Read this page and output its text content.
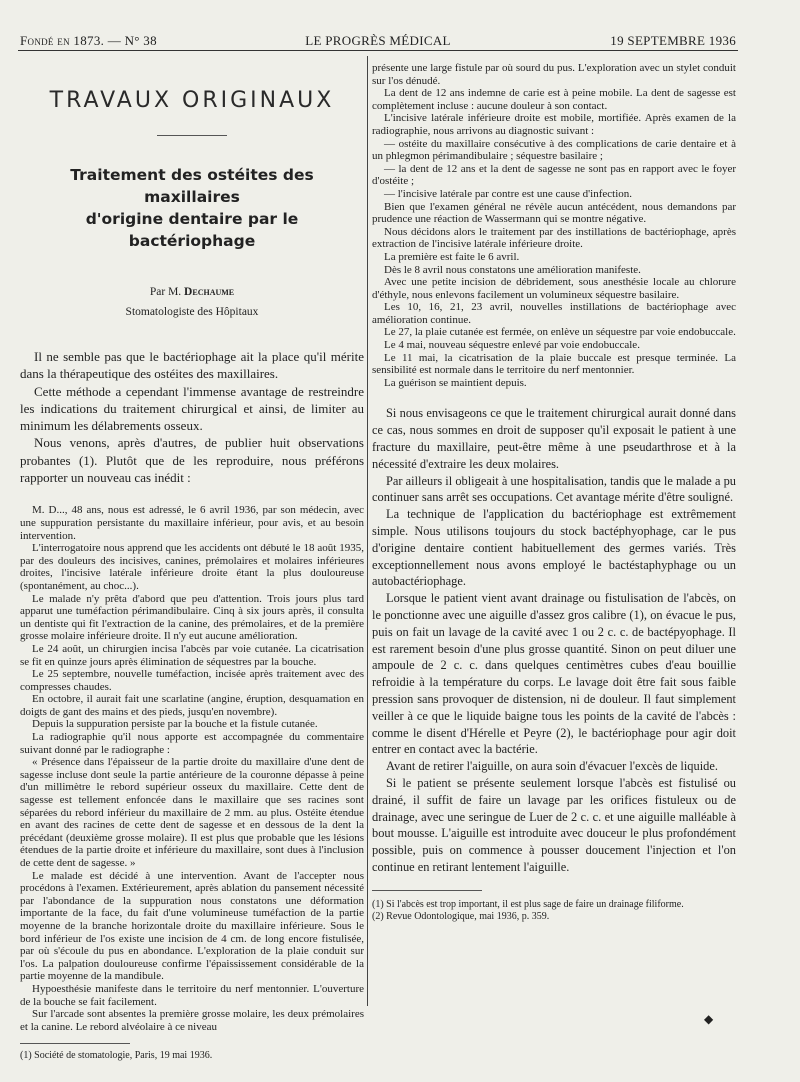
Fondé en 1873. — N° 38	LE PROGRÈS MÉDICAL	19 SEPTEMBRE 1936
TRAVAUX ORIGINAUX
Traitement des ostéites des maxillaires
d'origine dentaire par le bactériophage
Par M. Dechaume
Stomatologiste des Hôpitaux

Il ne semble pas que le bactériophage ait la place qu'il mérite dans la thérapeutique des ostéites des maxillaires.

Cette méthode a cependant l'immense avantage de restreindre les indications du traitement chirurgical et ainsi, de limiter au minimum les délabrements osseux.

Nous venons, après d'autres, de publier huit observations probantes (1). Plutôt que de les reproduire, nous préférons rapporter un nouveau cas inédit :

M. D..., 48 ans, nous est adressé, le 6 avril 1936, par son médecin, avec une suppuration persistante du maxillaire inférieur, pour avis, et au besoin intervention.

L'interrogatoire nous apprend que les accidents ont débuté le 18 août 1935, par des douleurs des incisives, canines, prémolaires et molaires inférieures droites, l'incisive latérale inférieure droite étant la plus douloureuse (spontanément, au choc...).

Le malade n'y prêta d'abord que peu d'attention. Trois jours plus tard apparut une tuméfaction périmandibulaire. Cinq à six jours après, il consulta un dentiste qui fit l'extraction de la canine, des prémolaires, et de la première grosse molaire inférieure droite. Il n'y eut aucune amélioration.

Le 24 août, un chirurgien incisa l'abcès par voie cutanée. La cicatrisation se fit en quinze jours après élimination de séquestres par la bouche.

Le 25 septembre, nouvelle tuméfaction, incisée après traitement avec des compresses chaudes.

En octobre, il aurait fait une scarlatine (angine, éruption, desquamation en doigts de gant des mains et des pieds, jusqu'en novembre).

Depuis la suppuration persiste par la bouche et la fistule cutanée.

La radiographie qu'il nous apporte est accompagnée du commentaire suivant donné par le radiographe :

« Présence dans l'épaisseur de la partie droite du maxillaire d'une dent de sagesse incluse dont seule la partie antérieure de la couronne dépasse à peine d'un millimètre le rebord supérieur osseux du maxillaire. Cette dent de sagesse est tellement enfoncée dans le maxillaire que ses racines sont séparées du rebord inférieur du maxillaire de 2 mm. au plus. Ostéite étendue en avant des racines de cette dent de sagesse et en dessous de la dent la précédant (deuxième grosse molaire). Il est plus que probable que les lésions étendues de la partie droite et inférieure du maxillaire, sont dues à l'inclusion de cette dent de sagesse. »

Le malade est décidé à une intervention. Avant de l'accepter nous procédons à l'examen. Extérieurement, après ablation du pansement nécessité par l'abondance de la suppuration nous constatons une déformation importante de la face, du fait d'une volumineuse tuméfaction de la partie moyenne de la branche horizontale droite du maxillaire inférieure. Sous le bord inférieur de l'os existe une incision de 4 cm. de long encore fistulisée, par où s'écoule du pus en abondance. L'exploration de la plaie conduit sur l'os. La palpation douloureuse confirme l'épaississement considérable de la partie moyenne de la mandibule.

Hypoesthésie manifeste dans le territoire du nerf mentonnier. L'ouverture de la bouche se fait facilement.

Sur l'arcade sont absentes la première grosse molaire, les deux prémolaires et la canine. Le rebord alvéolaire à ce niveau

(1) Société de stomatologie, Paris, 19 mai 1936.

présente une large fistule par où sourd du pus. L'exploration avec un stylet conduit sur l'os dénudé.

La dent de 12 ans indemne de carie est à peine mobile. La dent de sagesse est complètement incluse : aucune douleur à son contact.

L'incisive latérale inférieure droite est mobile, mortifiée. Après examen de la radiographie, nous arrivons au diagnostic suivant :

— ostéite du maxillaire consécutive à des complications de carie dentaire et à un phlegmon périmandibulaire ; séquestre basilaire ;

— la dent de 12 ans et la dent de sagesse ne sont pas en rapport avec le foyer d'ostéite ;

— l'incisive latérale par contre est une cause d'infection.

Bien que l'examen général ne révèle aucun antécédent, nous demandons par prudence une réaction de Wassermann qui se montre négative.

Nous décidons alors le traitement par des instillations de bactériophage, après extraction de l'incisive latérale inférieure droite.

La première est faite le 6 avril.

Dès le 8 avril nous constatons une amélioration manifeste.

Avec une petite incision de débridement, sous anesthésie locale au chlorure d'éthyle, nous enlevons facilement un volumineux séquestre basilaire.

Les 10, 16, 21, 23 avril, nouvelles instillations de bactériophage avec amélioration continue.

Le 27, la plaie cutanée est fermée, on enlève un séquestre par voie endobuccale.

Le 4 mai, nouveau séquestre enlevé par voie endobuccale.

Le 11 mai, la cicatrisation de la plaie buccale est presque terminée. La sensibilité est normale dans le territoire du nerf mentonnier.

La guérison se maintient depuis.

Si nous envisageons ce que le traitement chirurgical aurait donné dans ce cas, nous sommes en droit de supposer qu'il exposait le patient à une fracture du maxillaire, peut-être même à une pseudarthrose et à la nécessité d'extraire les deux molaires.

Par ailleurs il obligeait à une hospitalisation, tandis que le malade a pu continuer sans arrêt ses occupations. Cet avantage mérite d'être souligné.

La technique de l'application du bactériophage est extrêmement simple. Nous utilisons toujours du stock bactéphyophage, car le pus d'origine dentaire contient habituellement des germes variés. Très exceptionnellement nous avons employé le bactéstaphyphage ou un autobactériophage.

Lorsque le patient vient avant drainage ou fistulisation de l'abcès, on le ponctionne avec une aiguille d'assez gros calibre (1), on évacue le pus, puis on fait un lavage de la cavité avec 1 ou 2 c. c. de bactépyophage. Il est rarement besoin d'une plus grosse quantité. Sinon on peut diluer une ampoule de 2 c. c. dans quelques centimètres cubes d'eau bouillie refroidie à la température du corps. Le lavage doit être fait sous faible pression sans provoquer de distension, ni de douleur. Il faut simplement veiller à ce que le liquide baigne tous les points de la cavité de l'abcès : comme le disent d'Hérelle et Peyre (2), le bactériophage pour agir doit entrer en contact avec la bactérie.

Avant de retirer l'aiguille, on aura soin d'évacuer l'excès de liquide.

Si le patient se présente seulement lorsque l'abcès est fistulisé ou drainé, il suffit de faire un lavage par les orifices fistuleux ou de drainage, avec une seringue de Luer de 2 c. c. et une aiguille malléable à bout mousse. L'aiguille est introduite avec douceur le plus profondément possible, puis on commence à pousser doucement l'injection et l'on continue en retirant lentement l'aiguille.

(1) Si l'abcès est trop important, il est plus sage de faire un drainage filiforme.
(2) Revue Odontologique, mai 1936, p. 359.
◆
